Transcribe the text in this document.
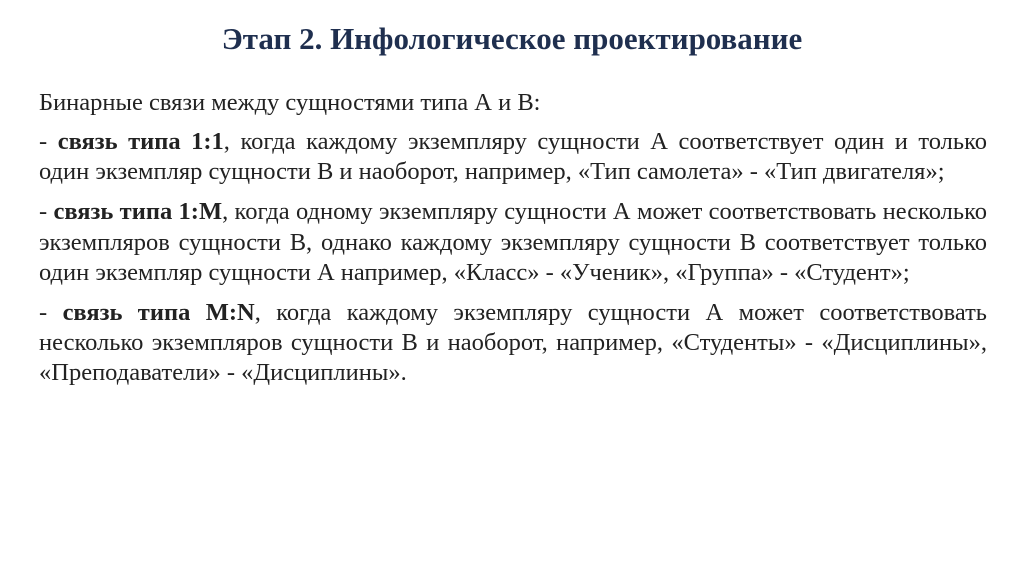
Этап 2. Инфологическое проектирование

Бинарные связи между сущностями типа А и В:

- связь типа 1:1, когда каждому экземпляру сущности А соответствует один и только один экземпляр сущности В и наоборот, например, «Тип самолета» - «Тип двигателя»;

- связь типа 1:М, когда одному экземпляру сущности А может соответствовать несколько экземпляров сущности В, однако каждому экземпляру сущности В соответствует только один экземпляр сущности А например, «Класс» - «Ученик», «Группа» - «Студент»;

- связь типа M:N, когда каждому экземпляру сущности А может соответствовать несколько экземпляров сущности В и наоборот, например, «Студенты» - «Дисциплины», «Преподаватели» - «Дисциплины».
